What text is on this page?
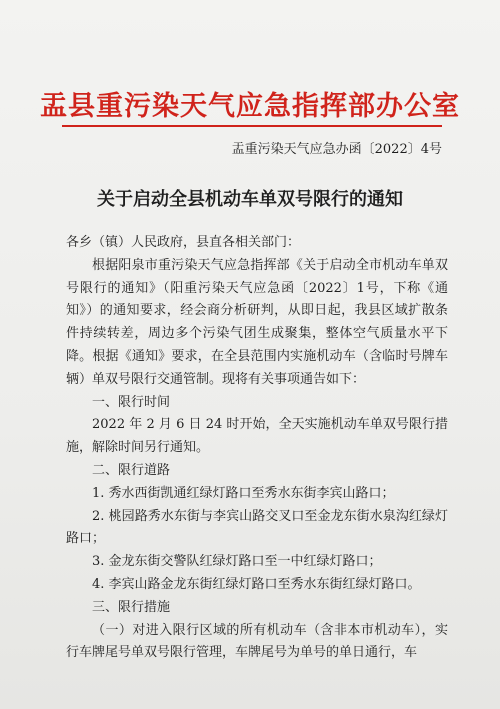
盂县重污染天气应急指挥部办公室
盂重污染天气应急办函〔2022〕4号
关于启动全县机动车单双号限行的通知

各乡（镇）人民政府，县直各相关部门：

根据阳泉市重污染天气应急指挥部《关于启动全市机动车单双号限行的通知》（阳重污染天气应急函〔2022〕1号，下称《通知》）的通知要求，经会商分析研判，从即日起，我县区域扩散条件持续转差，周边多个污染气团生成聚集，整体空气质量水平下降。根据《通知》要求，在全县范围内实施机动车（含临时号牌车辆）单双号限行交通管制。现将有关事项通告如下：

一、限行时间

2022 年 2 月 6 日 24 时开始，全天实施机动车单双号限行措施，解除时间另行通知。

二、限行道路

1. 秀水西街凯通红绿灯路口至秀水东街李宾山路口；

2. 桃园路秀水东街与李宾山路交叉口至金龙东街水泉沟红绿灯路口；

3. 金龙东街交警队红绿灯路口至一中红绿灯路口；

4. 李宾山路金龙东街红绿灯路口至秀水东街红绿灯路口。

三、限行措施

（一）对进入限行区域的所有机动车（含非本市机动车），实行车牌尾号单双号限行管理，车牌尾号为单号的单日通行，车
